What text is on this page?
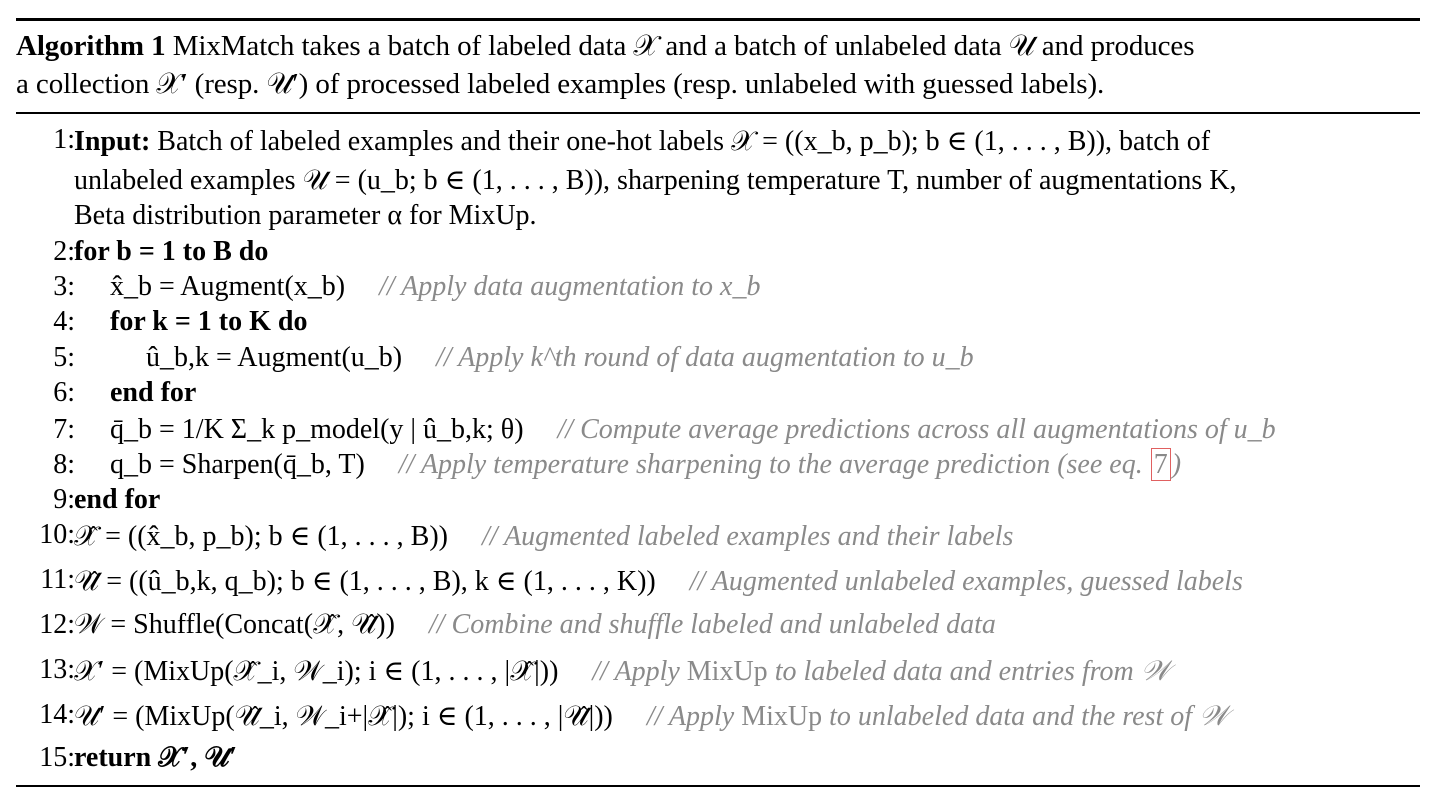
Algorithm 1 MixMatch takes a batch of labeled data 𝒳 and a batch of unlabeled data 𝒰 and produces
a collection 𝒳′ (resp. 𝒰′) of processed labeled examples (resp. unlabeled with guessed labels).
1: Input: Batch of labeled examples and their one-hot labels 𝒳 = ((x_b, p_b); b ∈ (1, . . . , B)), batch of
unlabeled examples 𝒰 = (u_b; b ∈ (1, . . . , B)), sharpening temperature T, number of augmentations K,
Beta distribution parameter α for MixUp.
2: for b = 1 to B do
3: x̂_b = Augment(x_b) // Apply data augmentation to x_b
4: for k = 1 to K do
5:	û_b,k = Augment(u_b) // Apply k^th round of data augmentation to u_b
6: end for
7: q̄_b = 1/K Σ_k p_model(y | û_b,k; θ) // Compute average predictions across all augmentations of u_b
8: q_b = Sharpen(q̄_b, T) // Apply temperature sharpening to the average prediction (see eq. 7 )
9: end for
10: 𝒳̂ = ((x̂_b, p_b); b ∈ (1, . . . , B)) // Augmented labeled examples and their labels
11: 𝒰̂ = ((û_b,k, q_b); b ∈ (1, . . . , B), k ∈ (1, . . . , K)) // Augmented unlabeled examples, guessed labels
12: 𝒲 = Shuffle(Concat(𝒳̂, 𝒰̂)) // Combine and shuffle labeled and unlabeled data
13: 𝒳′ = (MixUp(𝒳̂_i, 𝒲_i); i ∈ (1, . . . , |𝒳̂|)) // Apply MixUp to labeled data and entries from 𝒲
14: 𝒰′ = (MixUp(𝒰̂_i, 𝒲_i+|𝒳̂|); i ∈ (1, . . . , |𝒰̂|)) // Apply MixUp to unlabeled data and the rest of 𝒲
15: return 𝒳′, 𝒰′
